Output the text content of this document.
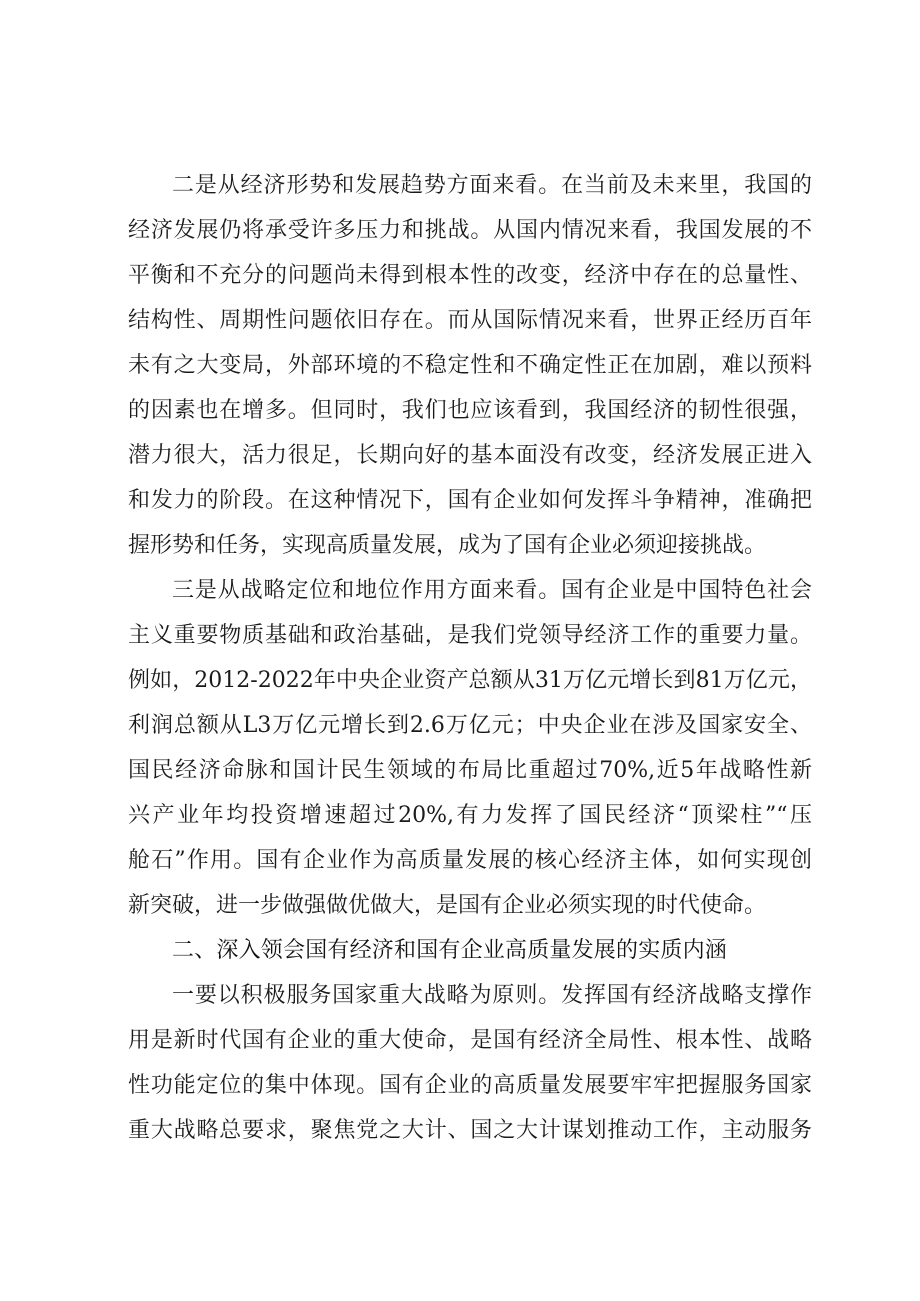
二是从经济形势和发展趋势方面来看。在当前及未来里，我国的
经济发展仍将承受许多压力和挑战。从国内情况来看，我国发展的不
平衡和不充分的问题尚未得到根本性的改变，经济中存在的总量性、
结构性、周期性问题依旧存在。而从国际情况来看，世界正经历百年
未有之大变局，外部环境的不稳定性和不确定性正在加剧，难以预料
的因素也在增多。但同时，我们也应该看到，我国经济的韧性很强，
潜力很大，活力很足，长期向好的基本面没有改变，经济发展正进入
和发力的阶段。在这种情况下，国有企业如何发挥斗争精神，准确把
握形势和任务，实现高质量发展，成为了国有企业必须迎接挑战。
三是从战略定位和地位作用方面来看。国有企业是中国特色社会
主义重要物质基础和政治基础，是我们党领导经济工作的重要力量。
例如，2012-2022年中央企业资产总额从31万亿元增长到81万亿元，
利润总额从L3万亿元增长到2.6万亿元；中央企业在涉及国家安全、
国民经济命脉和国计民生领域的布局比重超过70%,近5年战略性新
兴产业年均投资增速超过20%,有力发挥了国民经济“顶梁柱”“压
舱石”作用。国有企业作为高质量发展的核心经济主体，如何实现创
新突破，进一步做强做优做大，是国有企业必须实现的时代使命。
二、深入领会国有经济和国有企业高质量发展的实质内涵
一要以积极服务国家重大战略为原则。发挥国有经济战略支撑作
用是新时代国有企业的重大使命，是国有经济全局性、根本性、战略
性功能定位的集中体现。国有企业的高质量发展要牢牢把握服务国家
重大战略总要求，聚焦党之大计、国之大计谋划推动工作，主动服务
